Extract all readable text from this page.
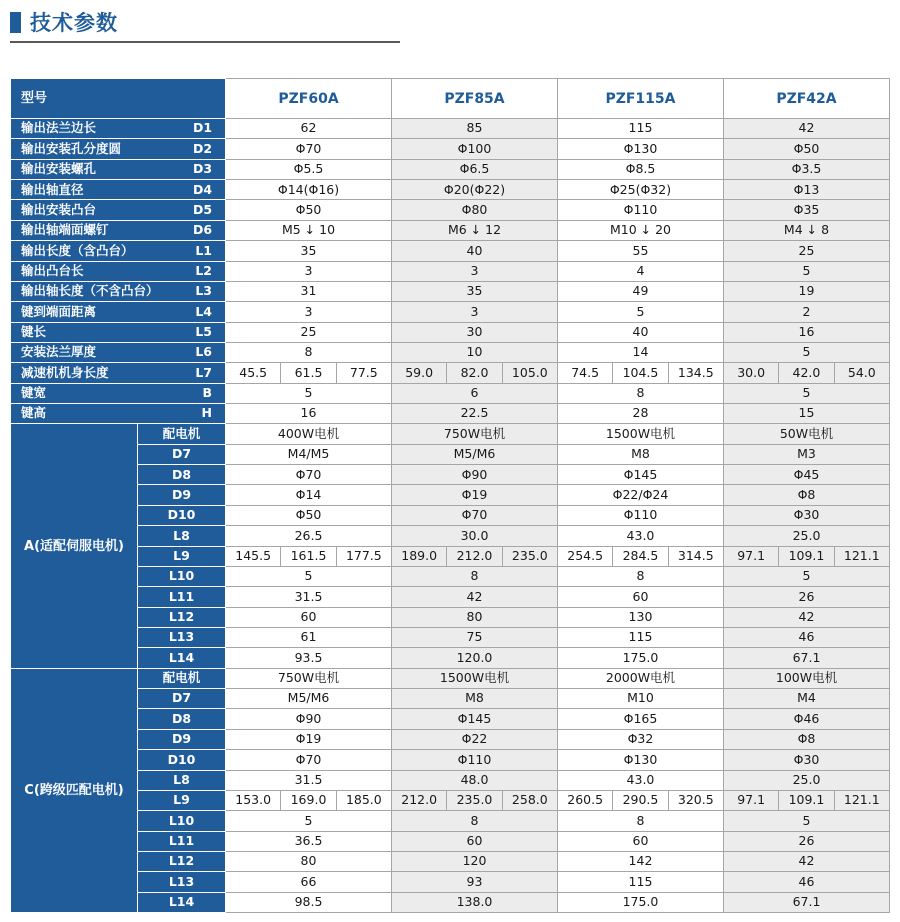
技术参数
型号		PZF60A			PZF85A			PZF115A			PZF42A		

输出法兰边长 D1		62			85			115			42		

输出安装孔分度圆 D2		Φ70			Φ100			Φ130			Φ50		

输出安装螺孔 D3		Φ5.5			Φ6.5			Φ8.5			Φ3.5		

输出轴直径 D4		Φ14(Φ16)			Φ20(Φ22)			Φ25(Φ32)			Φ13		

输出安装凸台 D5		Φ50			Φ80			Φ110			Φ35		

输出轴端面螺钉 D6		M5 ↓ 10			M6 ↓ 12			M10 ↓ 20			M4 ↓ 8		

输出长度（含凸台） L1		35			40			55			25		

输出凸台长 L2		3			3			4			5		

输出轴长度（不含凸台） L3		31			35			49			19		

键到端面距离 L4		3			3			5			2		

键长 L5		25			30			40			16		

安装法兰厚度 L6		8			10			14			5		

减速机机身长度 L7		45.5	61.5	77.5	59.0	82.0	105.0	74.5	104.5	134.5	30.0	42.0	54.0

键宽 B		5			6			8			5		

键高 H		16			22.5			28			15		
A(适配伺服电机)	配电机	400W电机			750W电机			1500W电机			50W电机		
	D7	M4/M5			M5/M6			M8			M3		
	D8	Φ70			Φ90			Φ145			Φ45		
	D9	Φ14			Φ19			Φ22/Φ24			Φ8		
	D10	Φ50			Φ70			Φ110			Φ30		
	L8	26.5			30.0			43.0			25.0		
	L9	145.5	161.5	177.5	189.0	212.0	235.0	254.5	284.5	314.5	97.1	109.1	121.1
	L10	5			8			8			5		
	L11	31.5			42			60			26		
	L12	60			80			130			42		
	L13	61			75			115			46		
	L14	93.5			120.0			175.0			67.1		
C(跨级匹配电机)	配电机	750W电机			1500W电机			2000W电机			100W电机		
	D7	M5/M6			M8			M10			M4		
	D8	Φ90			Φ145			Φ165			Φ46		
	D9	Φ19			Φ22			Φ32			Φ8		
	D10	Φ70			Φ110			Φ130			Φ30		
	L8	31.5			48.0			43.0			25.0		
	L9	153.0	169.0	185.0	212.0	235.0	258.0	260.5	290.5	320.5	97.1	109.1	121.1
	L10	5			8			8			5		
	L11	36.5			60			60			26		
	L12	80			120			142			42		
	L13	66			93			115			46		
	L14	98.5			138.0			175.0			67.1		
